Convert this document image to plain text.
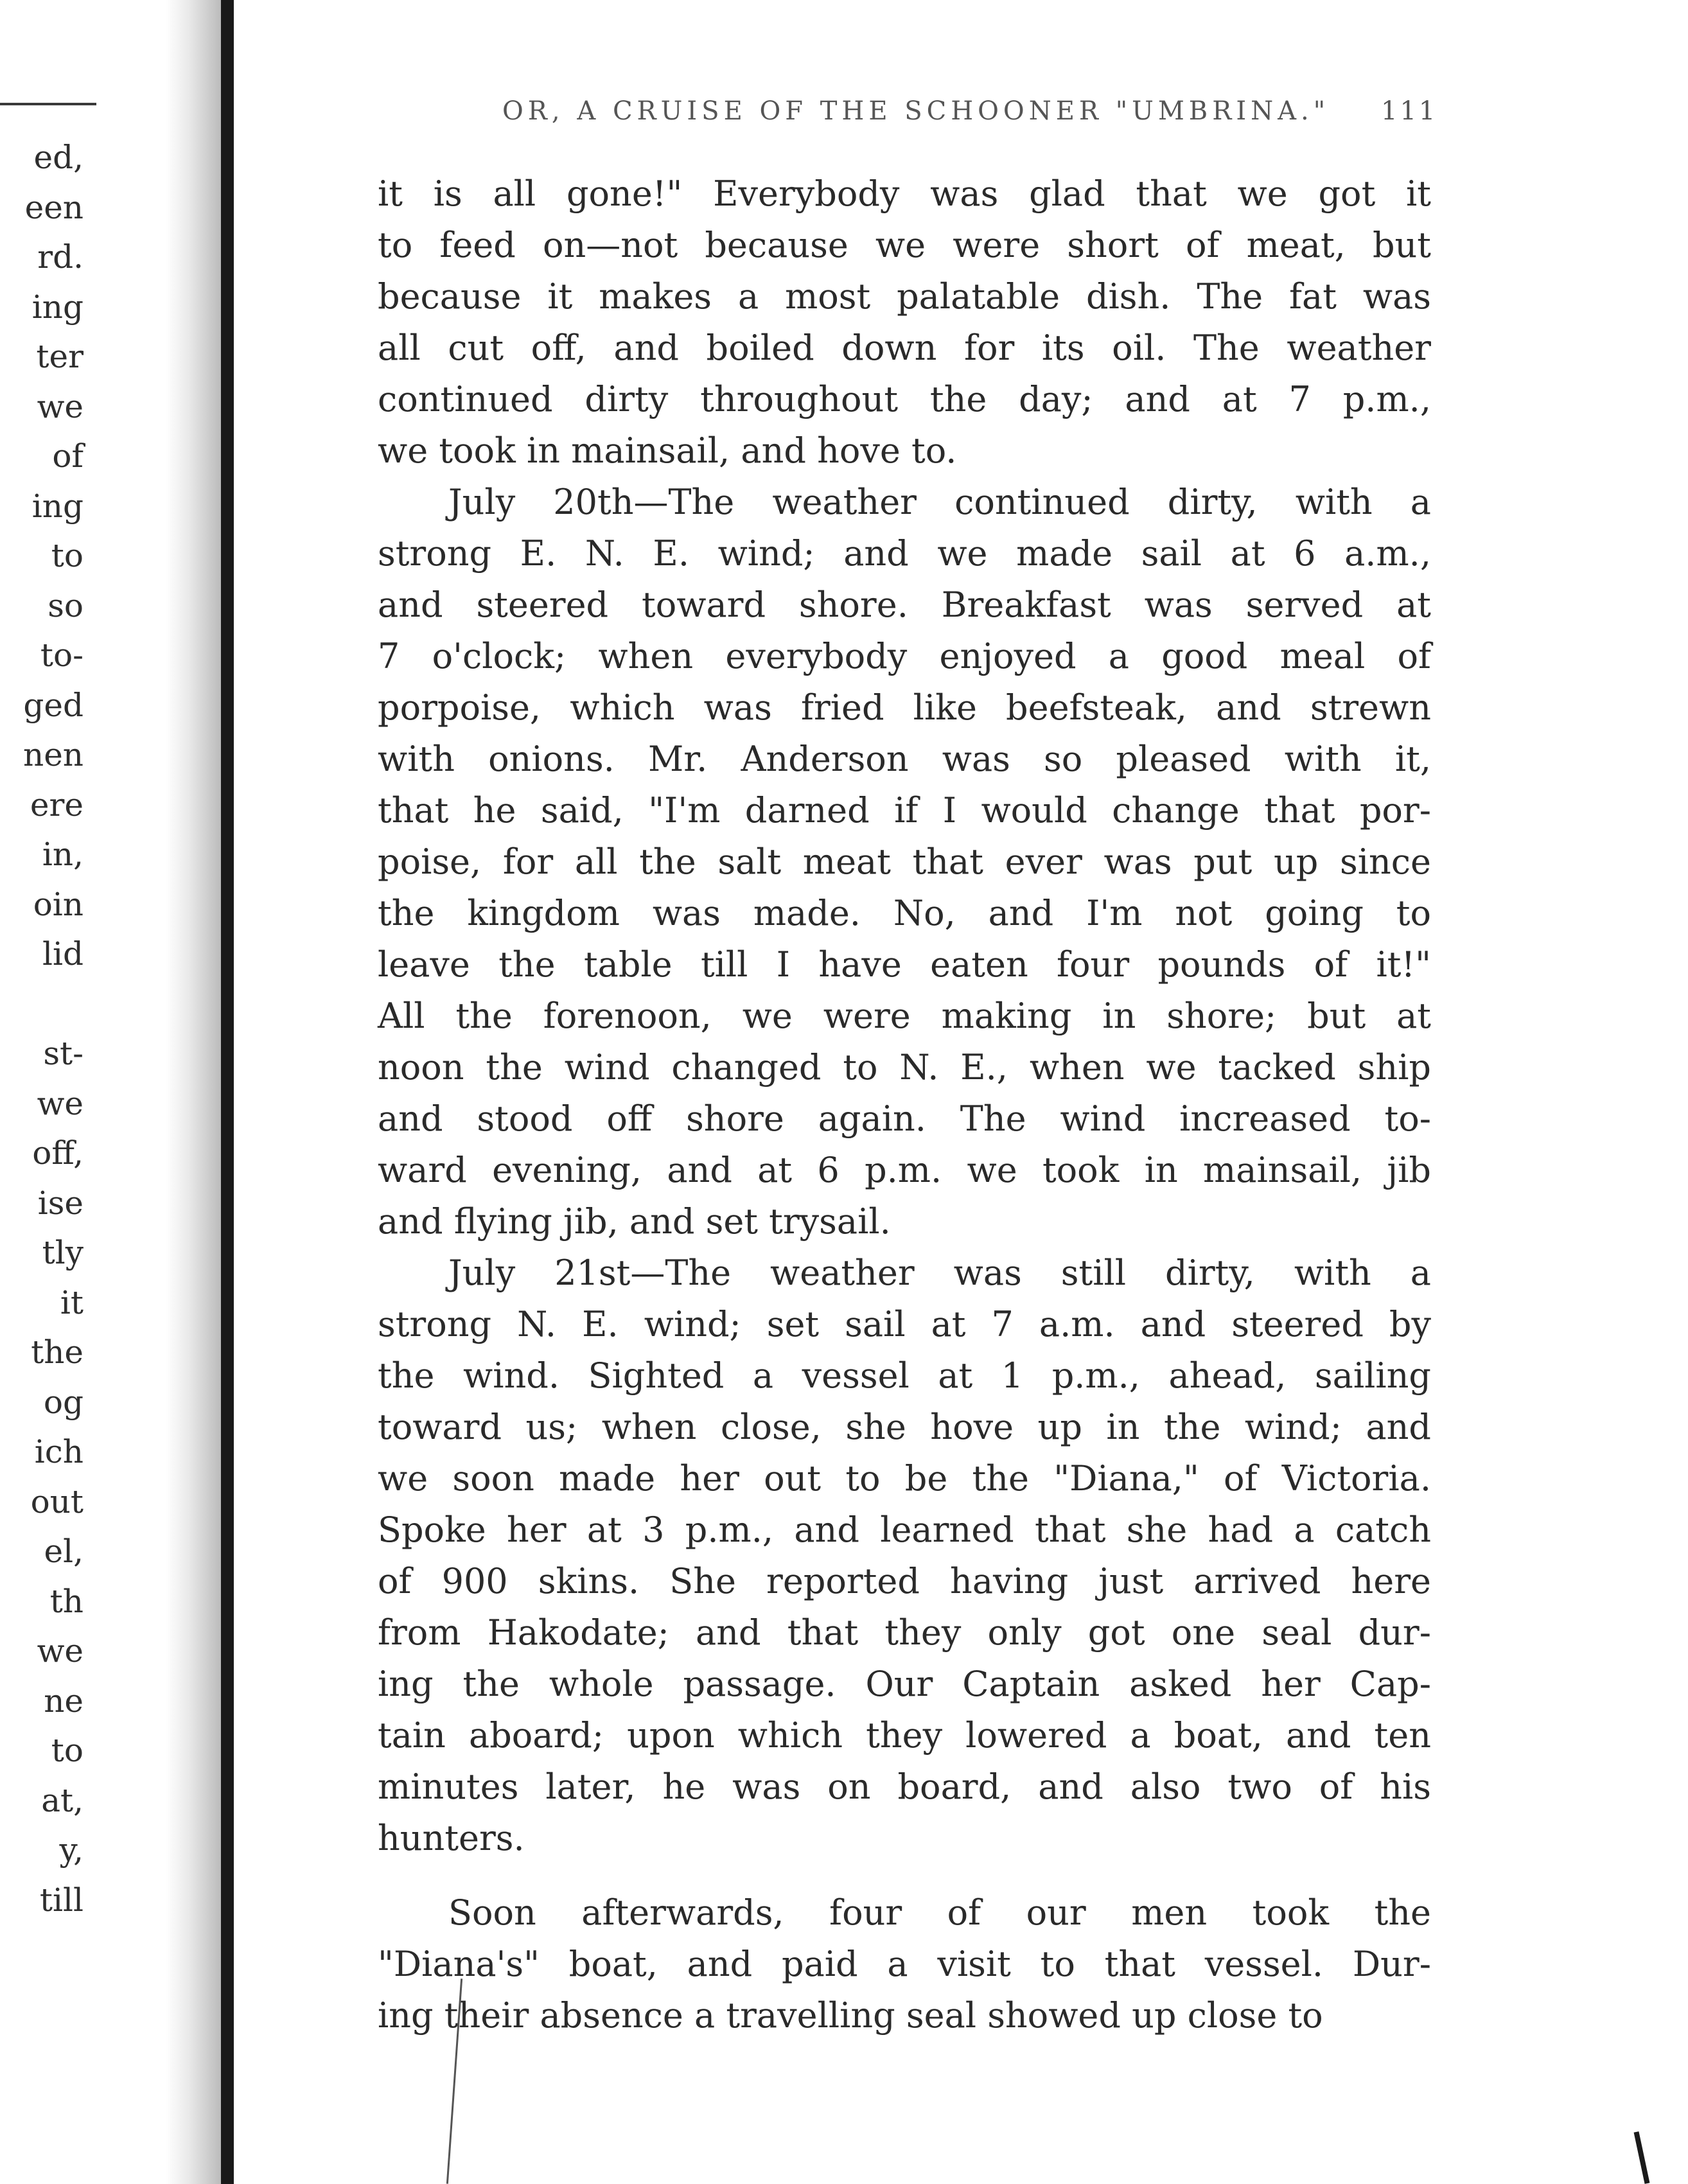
ed,
een
rd.
ing
ter
we
of
ing
to
so
to-
ged
nen
ere
in,
oin
lid
st-
we
off,
ise
tly
it
the
og
ich
out
el,
th
we
ne
to
at,
y,
till
OR, A CRUISE OF THE SCHOONER "UMBRINA." 111
it is all gone!" Everybody was glad that we got it
to feed on—not because we were short of meat, but
because it makes a most palatable dish. The fat was
all cut off, and boiled down for its oil. The weather
continued dirty throughout the day; and at 7 p.m.,
we took in mainsail, and hove to.
July 20th—The weather continued dirty, with a
strong E. N. E. wind; and we made sail at 6 a.m.,
and steered toward shore. Breakfast was served at
7 o'clock; when everybody enjoyed a good meal of
porpoise, which was fried like beefsteak, and strewn
with onions. Mr. Anderson was so pleased with it,
that he said, "I'm darned if I would change that por-
poise, for all the salt meat that ever was put up since
the kingdom was made. No, and I'm not going to
leave the table till I have eaten four pounds of it!"
All the forenoon, we were making in shore; but at
noon the wind changed to N. E., when we tacked ship
and stood off shore again. The wind increased to-
ward evening, and at 6 p.m. we took in mainsail, jib
and flying jib, and set trysail.
July 21st—The weather was still dirty, with a
strong N. E. wind; set sail at 7 a.m. and steered by
the wind. Sighted a vessel at 1 p.m., ahead, sailing
toward us; when close, she hove up in the wind; and
we soon made her out to be the "Diana," of Victoria.
Spoke her at 3 p.m., and learned that she had a catch
of 900 skins. She reported having just arrived here
from Hakodate; and that they only got one seal dur-
ing the whole passage. Our Captain asked her Cap-
tain aboard; upon which they lowered a boat, and ten
minutes later, he was on board, and also two of his
hunters.
Soon afterwards, four of our men took the
"Diana's" boat, and paid a visit to that vessel. Dur-
ing their absence a travelling seal showed up close to
